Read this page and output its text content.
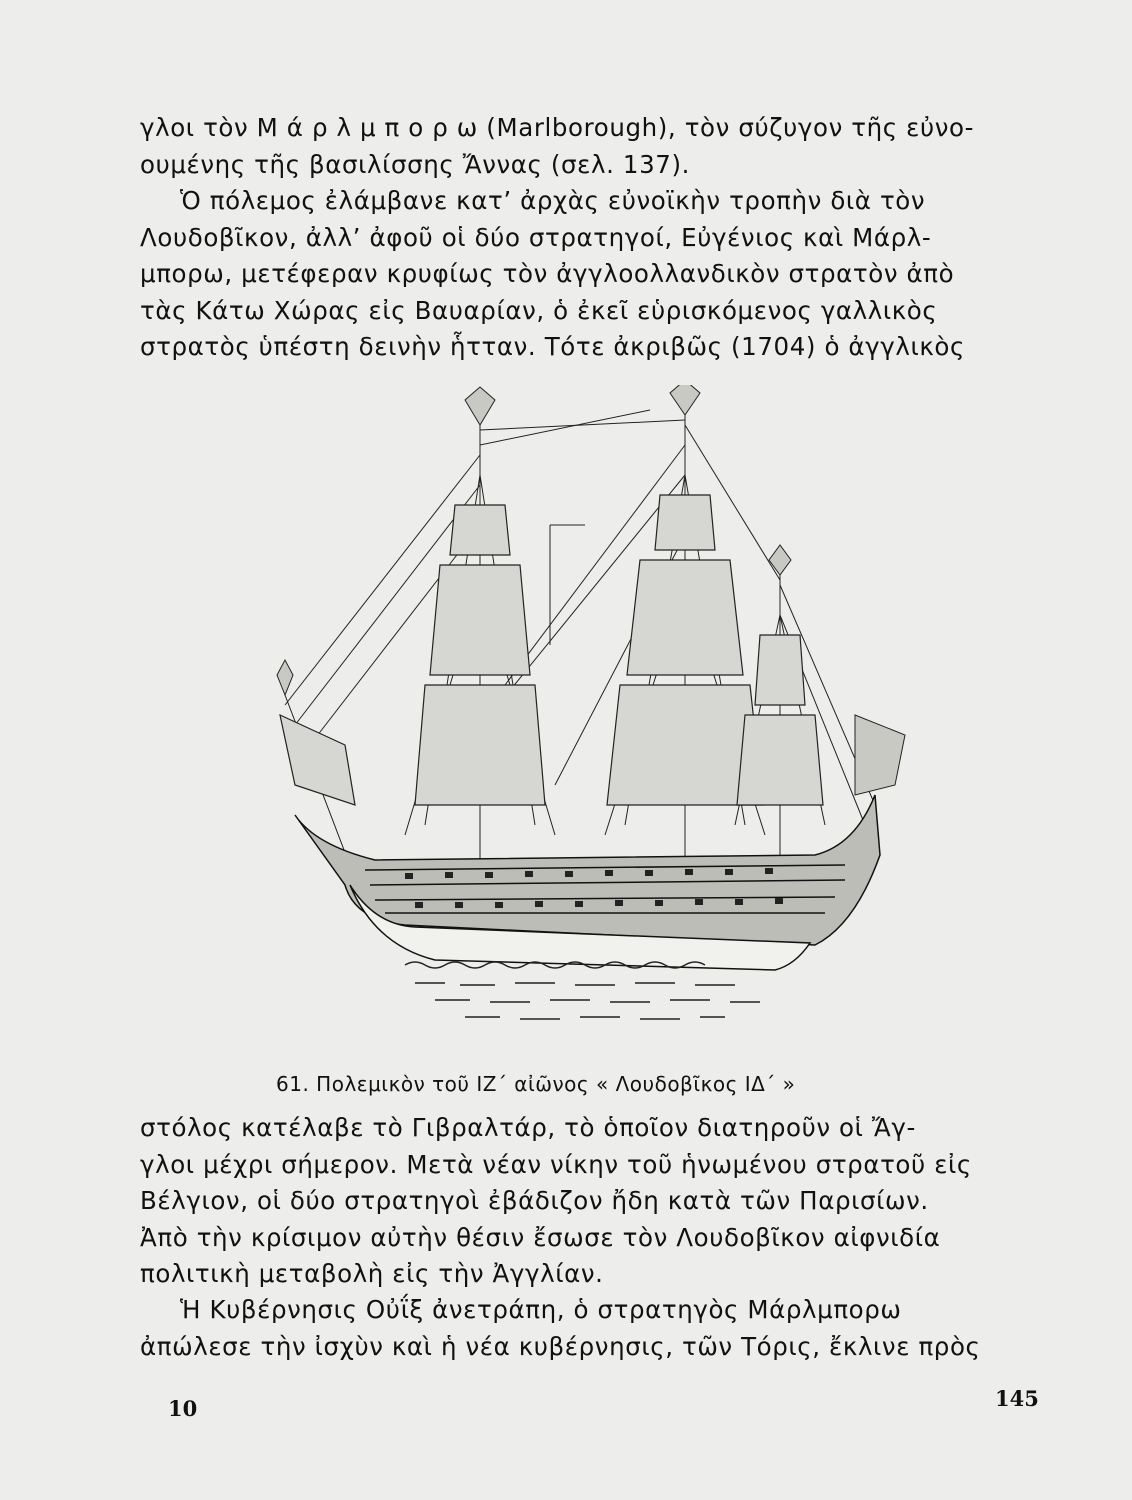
γλοι τὸν Μ ά ρ λ μ π ο ρ ω (Marlborough), τὸν σύζυγον τῆς εὐνο-
ουμένης τῆς βασιλίσσης Ἄννας (σελ. 137).
Ὁ πόλεμος ἐλάμβανε κατ’ ἀρχὰς εὐνοϊκὴν τροπὴν διὰ τὸν
Λουδοβῖκον, ἀλλ’ ἀφοῦ οἱ δύο στρατηγοί, Εὐγένιος καὶ Μάρλ-
μπορω, μετέφεραν κρυφίως τὸν ἀγγλοολλανδικὸν στρατὸν ἀπὸ
τὰς Κάτω Χώρας εἰς Βαυαρίαν, ὁ ἐκεῖ εὑρισκόμενος γαλλικὸς
στρατὸς ὑπέστη δεινὴν ἧτταν. Τότε ἀκριβῶς (1704) ὁ ἀγγλικὸς
61. Πολεμικὸν τοῦ ΙΖ΄ αἰῶνος « Λουδοβῖκος ΙΔ΄ »
στόλος κατέλαβε τὸ Γιβραλτάρ, τὸ ὁποῖον διατηροῦν οἱ Ἄγ-
γλοι μέχρι σήμερον. Μετὰ νέαν νίκην τοῦ ἡνωμένου στρατοῦ εἰς
Βέλγιον, οἱ δύο στρατηγοὶ ἐβάδιζον ἤδη κατὰ τῶν Παρισίων.
Ἀπὸ τὴν κρίσιμον αὐτὴν θέσιν ἔσωσε τὸν Λουδοβῖκον αἰφνιδία
πολιτικὴ μεταβολὴ εἰς τὴν Ἀγγλίαν.
Ἡ Κυβέρνησις Οὐΐξ ἀνετράπη, ὁ στρατηγὸς Μάρλμπορω
ἀπώλεσε τὴν ἰσχὺν καὶ ἡ νέα κυβέρνησις, τῶν Τόρις, ἔκλινε πρὸς
10	145
